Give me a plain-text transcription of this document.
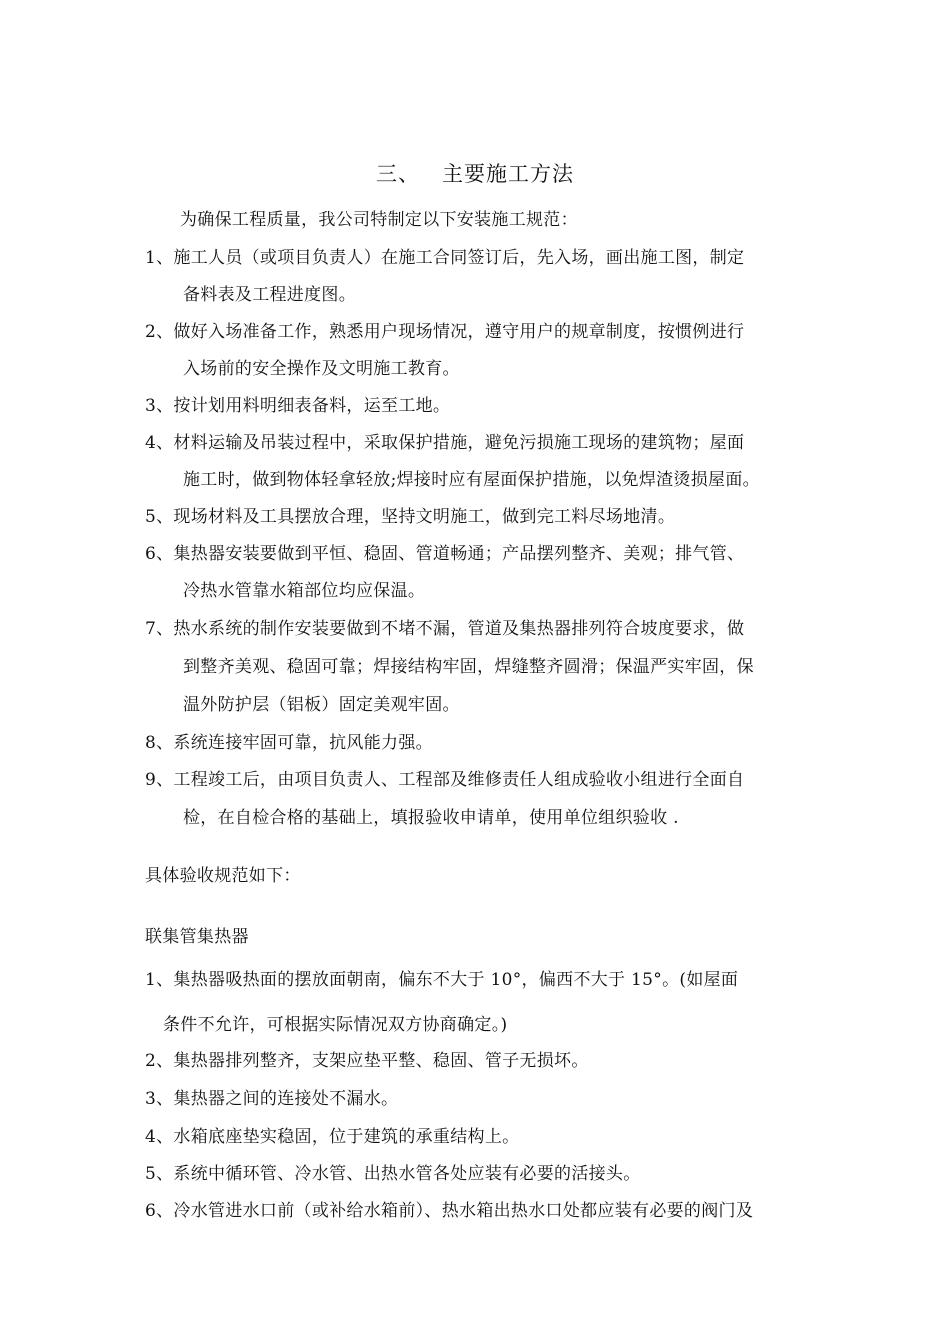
三、 主要施工方法
为确保工程质量，我公司特制定以下安装施工规范：
1、施工人员（或项目负责人）在施工合同签订后，先入场，画出施工图，制定
备料表及工程进度图。
2、做好入场准备工作，熟悉用户现场情况，遵守用户的规章制度，按惯例进行
入场前的安全操作及文明施工教育。
3、按计划用料明细表备料，运至工地。
4、材料运输及吊装过程中，采取保护措施，避免污损施工现场的建筑物；屋面
施工时，做到物体轻拿轻放;焊接时应有屋面保护措施，以免焊渣烫损屋面。
5、现场材料及工具摆放合理，坚持文明施工，做到完工料尽场地清。
6、集热器安装要做到平恒、稳固、管道畅通；产品摆列整齐、美观；排气管、
冷热水管靠水箱部位均应保温。
7、热水系统的制作安装要做到不堵不漏，管道及集热器排列符合坡度要求，做
到整齐美观、稳固可靠；焊接结构牢固，焊缝整齐圆滑；保温严实牢固，保
温外防护层（铝板）固定美观牢固。
8、系统连接牢固可靠，抗风能力强。
9、工程竣工后，由项目负责人、工程部及维修责任人组成验收小组进行全面自
检，在自检合格的基础上，填报验收申请单，使用单位组织验收 .
具体验收规范如下：
联集管集热器
1、集热器吸热面的摆放面朝南，偏东不大于 10°，偏西不大于 15°。(如屋面
条件不允许，可根据实际情况双方协商确定。)
2、集热器排列整齐，支架应垫平整、稳固、管子无损坏。
3、集热器之间的连接处不漏水。
4、水箱底座垫实稳固，位于建筑的承重结构上。
5、系统中循环管、冷水管、出热水管各处应装有必要的活接头。
6、冷水管进水口前（或补给水箱前）、热水箱出热水口处都应装有必要的阀门及
